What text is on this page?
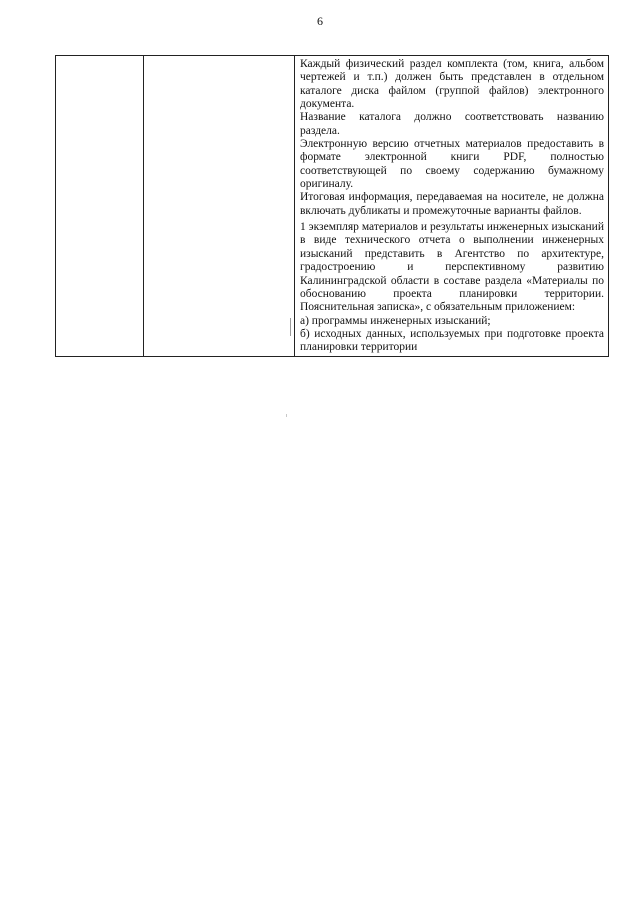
6

Каждый физический раздел комплекта (том, книга, альбом чертежей и т.п.) должен быть представлен в отдельном каталоге диска файлом (группой файлов) электронного документа.

Название каталога должно соответствовать названию раздела.

Электронную версию отчетных материалов предоставить в формате электронной книги PDF, полностью соответствующей по своему содержанию бумажному оригиналу.

Итоговая информация, передаваемая на носителе, не должна включать дубликаты и промежуточные варианты файлов.

1 экземпляр материалов и результаты инженерных изысканий в виде технического отчета о выполнении инженерных изысканий представить в Агентство по архитектуре, градостроению и перспективному развитию Калининградской области в составе раздела «Материалы по обоснованию проекта планировки территории. Пояснительная записка», с обязательным приложением:

а) программы инженерных изысканий;

б) исходных данных, используемых при подготовке проекта планировки территории
